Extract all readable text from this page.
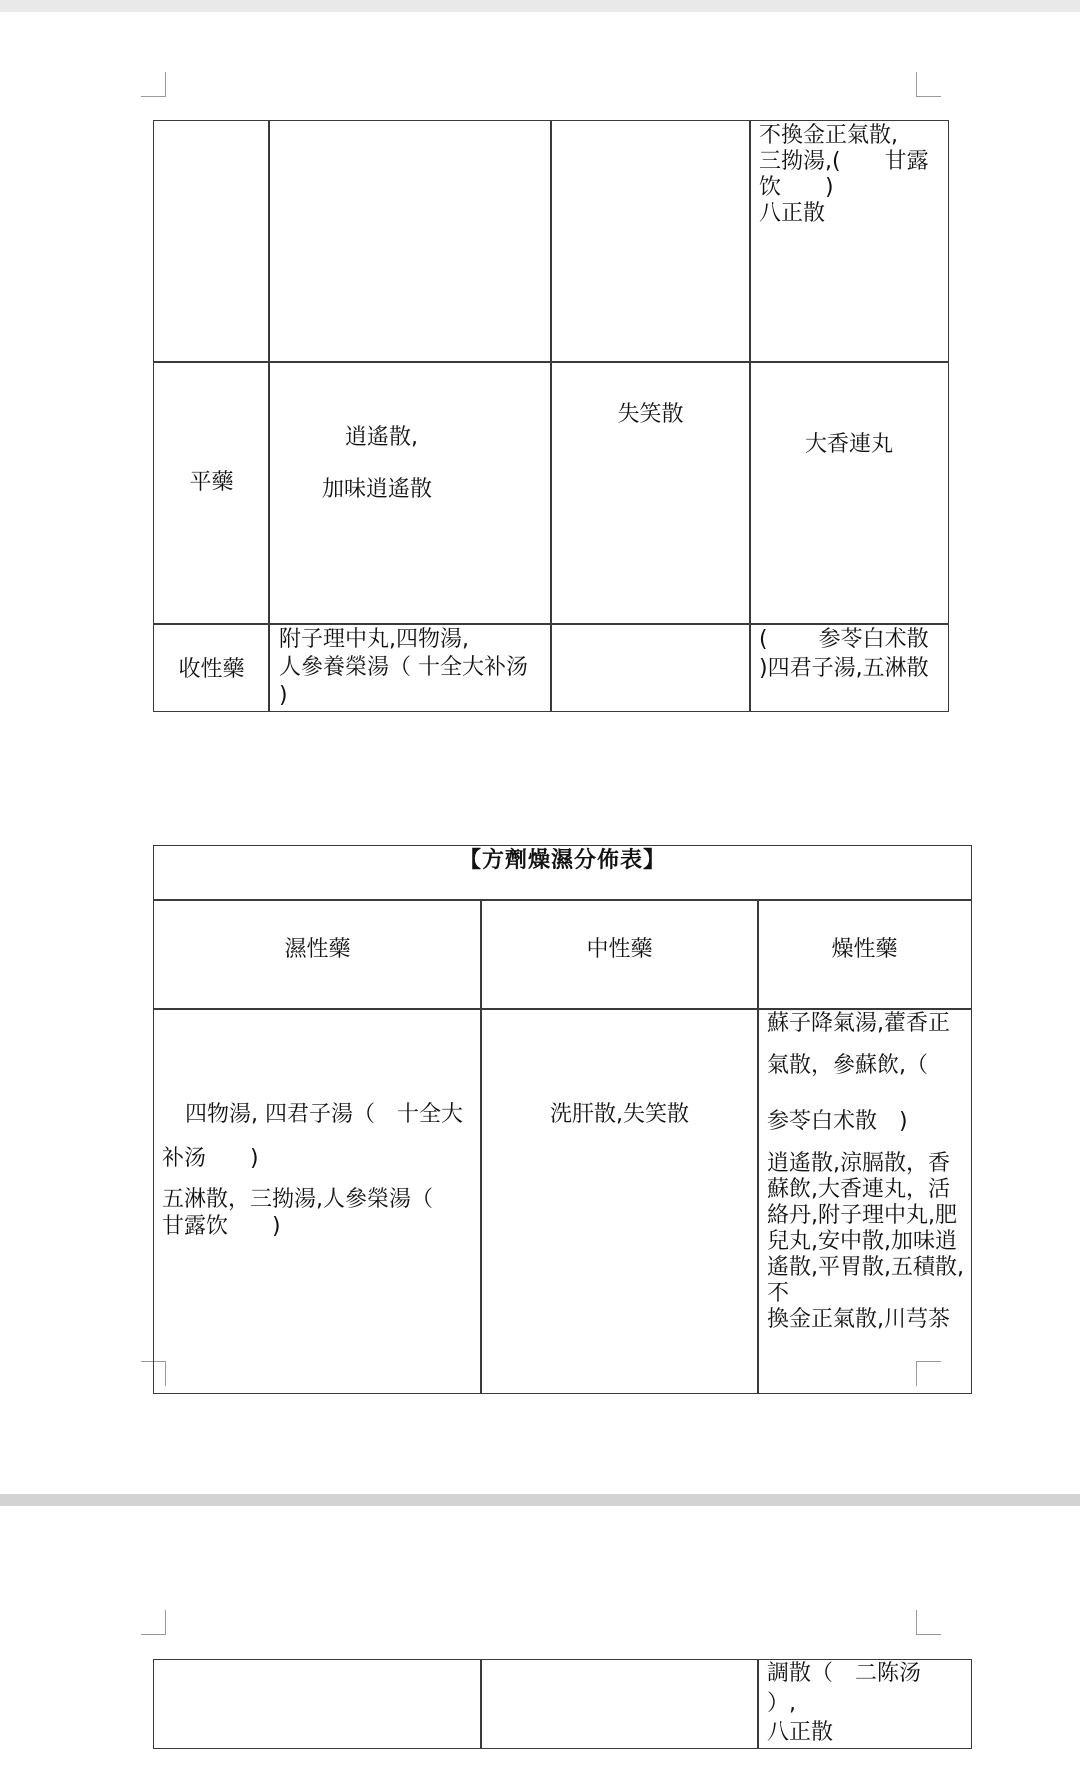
不換金正氣散,
三拗湯,(　　甘露
饮　　)
八正散
平藥
逍遙散,
加味逍遙散
失笑散
大香連丸
收性藥
附子理中丸,四物湯,
人參養榮湯（ 十全大补汤
)
(　　 参苓白术散
)四君子湯,五淋散
【方劑燥濕分佈表】
濕性藥	中性藥	燥性藥
四物湯, 四君子湯（　十全大
补汤　　)
五淋散，三拗湯,人參榮湯（
甘露饮　　)
洗肝散,失笑散
蘇子降氣湯,藿香正
氣散，參蘇飲,（
参苓白术散　)
逍遙散,涼膈散，香
蘇飲,大香連丸，活
絡丹,附子理中丸,肥
兒丸,安中散,加味逍
遙散,平胃散,五積散,
不
換金正氣散,川芎茶
調散（　二陈汤
）,
八正散
